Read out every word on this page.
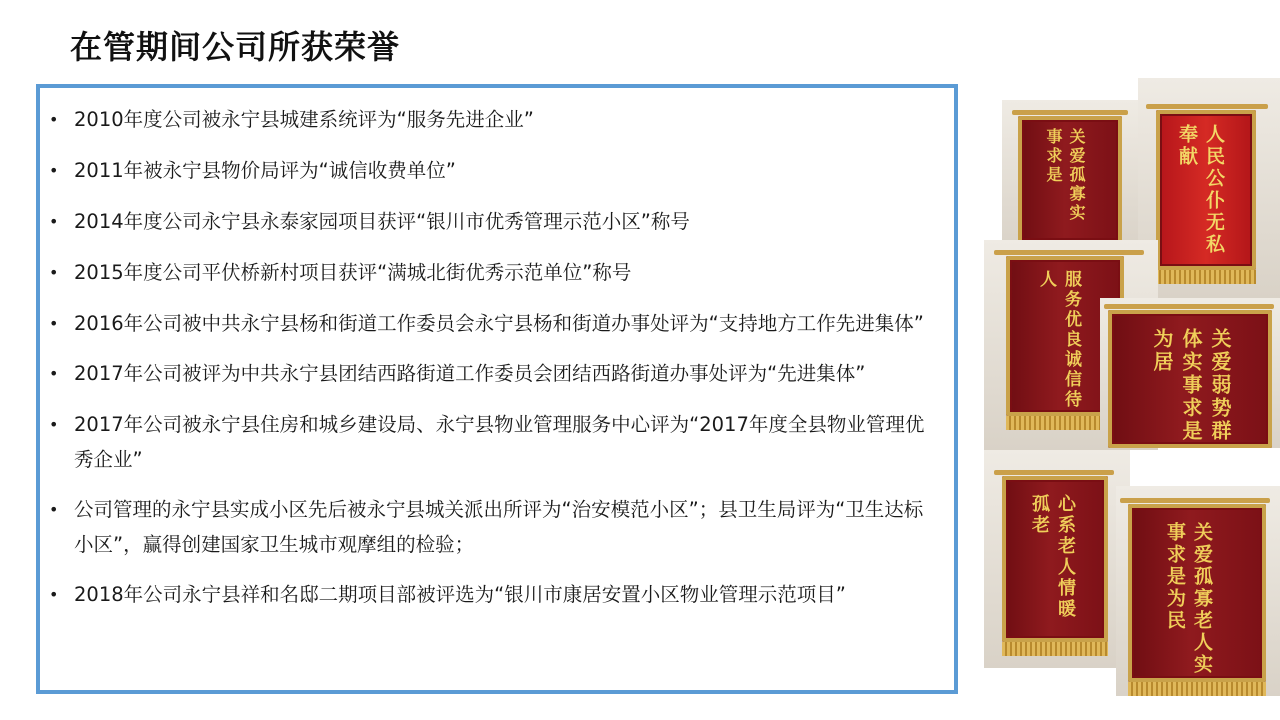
在管期间公司所获荣誉
• 2010年度公司被永宁县城建系统评为“服务先进企业”
• 2011年被永宁县物价局评为“诚信收费单位”
• 2014年度公司永宁县永泰家园项目获评“银川市优秀管理示范小区”称号
• 2015年度公司平伏桥新村项目获评“满城北街优秀示范单位”称号
• 2016年公司被中共永宁县杨和街道工作委员会永宁县杨和街道办事处评为“支持地方工作先进集体”
• 2017年公司被评为中共永宁县团结西路街道工作委员会团结西路街道办事处评为“先进集体”
• 2017年公司被永宁县住房和城乡建设局、永宁县物业管理服务中心评为“2017年度全县物业管理优秀企业”
• 公司管理的永宁县实成小区先后被永宁县城关派出所评为“治安模范小区”；县卫生局评为“卫生达标小区”，赢得创建国家卫生城市观摩组的检验；
• 2018年公司永宁县祥和名邸二期项目部被评选为“银川市康居安置小区物业管理示范项目”
关爱孤寡实事求是	人民公仆无私奉献
服务优良诚信待人
关爱弱势群体实事求是为居
心系老人情暖孤老
关爱孤寡老人实事求是为民
